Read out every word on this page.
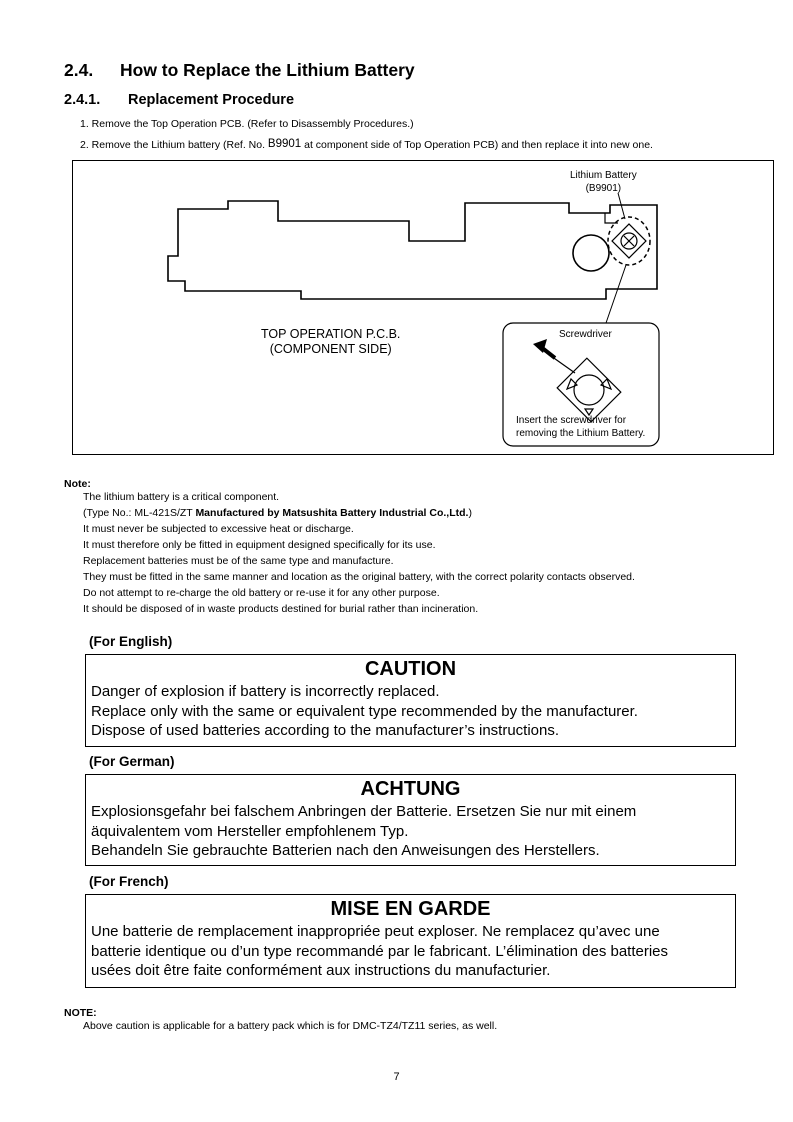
2.4. How to Replace the Lithium Battery
2.4.1. Replacement Procedure
1. Remove the Top Operation PCB. (Refer to Disassembly Procedures.)
2. Remove the Lithium battery (Ref. No. B9901 at component side of Top Operation PCB) and then replace it into new one.
Lithium Battery
(B9901)
TOP OPERATION P.C.B.
(COMPONENT SIDE)
Screwdriver
Insert the screwdriver for
removing the Lithium Battery.
Note:
The lithium battery is a critical component.
(Type No.: ML-421S/ZT Manufactured by Matsushita Battery Industrial Co.,Ltd.)
It must never be subjected to excessive heat or discharge.
It must therefore only be fitted in equipment designed specifically for its use.
Replacement batteries must be of the same type and manufacture.
They must be fitted in the same manner and location as the original battery, with the correct polarity contacts observed.
Do not attempt to re-charge the old battery or re-use it for any other purpose.
It should be disposed of in waste products destined for burial rather than incineration.
(For English)
CAUTION
Danger of explosion if battery is incorrectly replaced.
Replace only with the same or equivalent type recommended by the manufacturer.
Dispose of used batteries according to the manufacturer’s instructions.
(For German)
ACHTUNG
Explosionsgefahr bei falschem Anbringen der Batterie. Ersetzen Sie nur mit einem
äquivalentem vom Hersteller empfohlenem Typ.
Behandeln Sie gebrauchte Batterien nach den Anweisungen des Herstellers.
(For French)
MISE EN GARDE
Une batterie de remplacement inappropriée peut exploser. Ne remplacez qu’avec une
batterie identique ou d’un type recommandé par le fabricant. L’élimination des batteries
usées doit être faite conformément aux instructions du manufacturier.
NOTE:
Above caution is applicable for a battery pack which is for DMC-TZ4/TZ11 series, as well.
7
